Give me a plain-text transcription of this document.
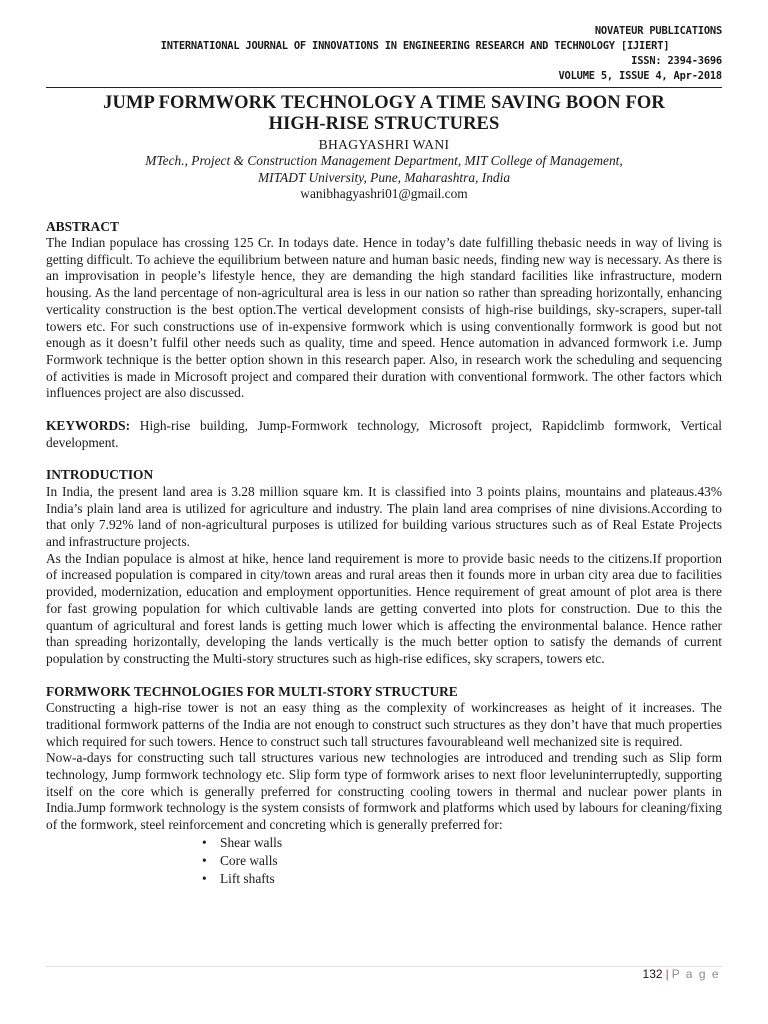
NOVATEUR PUBLICATIONS
INTERNATIONAL JOURNAL OF INNOVATIONS IN ENGINEERING RESEARCH AND TECHNOLOGY [IJIERT]
ISSN: 2394-3696
VOLUME 5, ISSUE 4, Apr-2018
JUMP FORMWORK TECHNOLOGY A TIME SAVING BOON FOR
HIGH-RISE STRUCTURES
BHAGYASHRI WANI
MTech., Project & Construction Management Department, MIT College of Management,
MITADT University, Pune, Maharashtra, India
wanibhagyashri01@gmail.com
ABSTRACT

The Indian populace has crossing 125 Cr. In todays date. Hence in today’s date fulfilling thebasic needs in way of living is getting difficult. To achieve the equilibrium between nature and human basic needs, finding new way is necessary. As there is an improvisation in people’s lifestyle hence, they are demanding the high standard facilities like infrastructure, modern housing. As the land percentage of non-agricultural area is less in our nation so rather than spreading horizontally, enhancing verticality construction is the best option.The vertical development consists of high-rise buildings, sky-scrapers, super-tall towers etc. For such constructions use of in-expensive formwork which is using conventionally formwork is good but not enough as it doesn’t fulfil other needs such as quality, time and speed. Hence automation in advanced formwork i.e. Jump Formwork technique is the better option shown in this research paper. Also, in research work the scheduling and sequencing of activities is made in Microsoft project and compared their duration with conventional formwork. The other factors which influences project are also discussed.

KEYWORDS: High-rise building, Jump-Formwork technology, Microsoft project, Rapidclimb formwork, Vertical development.

INTRODUCTION

In India, the present land area is 3.28 million square km. It is classified into 3 points plains, mountains and plateaus.43% India’s plain land area is utilized for agriculture and industry. The plain land area comprises of nine divisions.According to that only 7.92% land of non-agricultural purposes is utilized for building various structures such as of Real Estate Projects and infrastructure projects.

As the Indian populace is almost at hike, hence land requirement is more to provide basic needs to the citizens.If proportion of increased population is compared in city/town areas and rural areas then it founds more in urban city area due to facilities provided, modernization, education and employment opportunities. Hence requirement of great amount of plot area is there for fast growing population for which cultivable lands are getting converted into plots for construction. Due to this the quantum of agricultural and forest lands is getting much lower which is affecting the environmental balance. Hence rather than spreading horizontally, developing the lands vertically is the much better option to satisfy the demands of current population by constructing the Multi-story structures such as high-rise edifices, sky scrapers, towers etc.

FORMWORK TECHNOLOGIES FOR MULTI-STORY STRUCTURE

Constructing a high-rise tower is not an easy thing as the complexity of workincreases as height of it increases. The traditional formwork patterns of the India are not enough to construct such structures as they don’t have that much properties which required for such towers. Hence to construct such tall structures favourableand well mechanized site is required.

Now-a-days for constructing such tall structures various new technologies are introduced and trending such as Slip form technology, Jump formwork technology etc. Slip form type of formwork arises to next floor leveluninterruptedly, supporting itself on the core which is generally preferred for constructing cooling towers in thermal and nuclear power plants in India.Jump formwork technology is the system consists of formwork and platforms which used by labours for cleaning/fixing of the formwork, steel reinforcement and concreting which is generally preferred for:

• Shear walls
• Core walls
• Lift shafts
132 | P a g e
